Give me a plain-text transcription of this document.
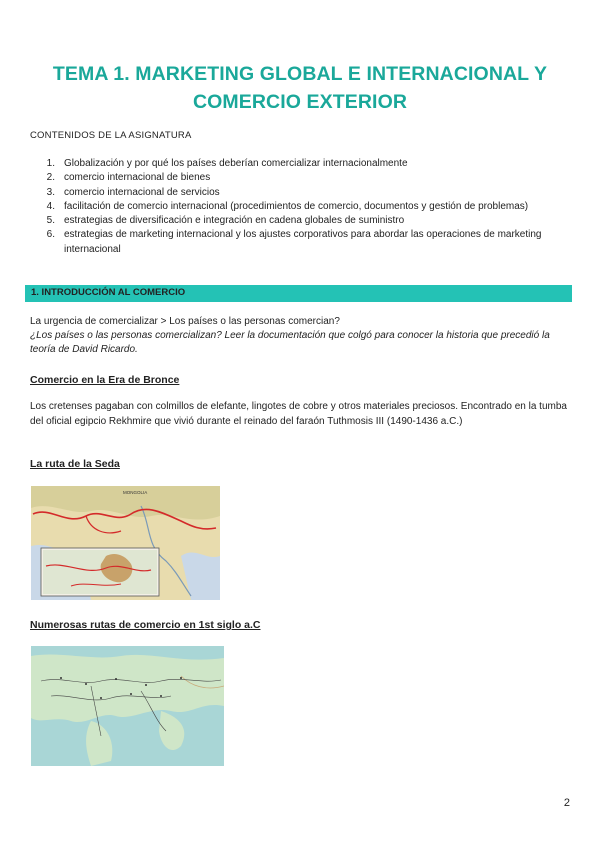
TEMA 1. MARKETING GLOBAL E INTERNACIONAL Y COMERCIO EXTERIOR
CONTENIDOS DE LA ASIGNATURA
1. Globalización y por qué los países deberían comercializar internacionalmente
2. comercio internacional de bienes
3. comercio internacional de servicios
4. facilitación de comercio internacional (procedimientos de comercio, documentos y gestión de problemas)
5. estrategias de diversificación e integración en cadena globales de suministro
6. estrategias de marketing internacional y los ajustes corporativos para abordar las operaciones de marketing internacional
1. INTRODUCCIÓN AL COMERCIO
La urgencia de comercializar > Los países o las personas comercian?
¿Los países o las personas comercializan? Leer la documentación que colgó para conocer la historia que precedió la teoría de David Ricardo.
Comercio en la Era de Bronce
Los cretenses pagaban con colmillos de elefante, lingotes de cobre y otros materiales preciosos. Encontrado en la tumba del oficial egipcio Rekhmire que vivió durante el reinado del faraón Tuthmosis III (1490-1436 a.C.)
La ruta de la Seda
MONGOLIA
Numerosas rutas de comercio en 1st siglo a.C
2
